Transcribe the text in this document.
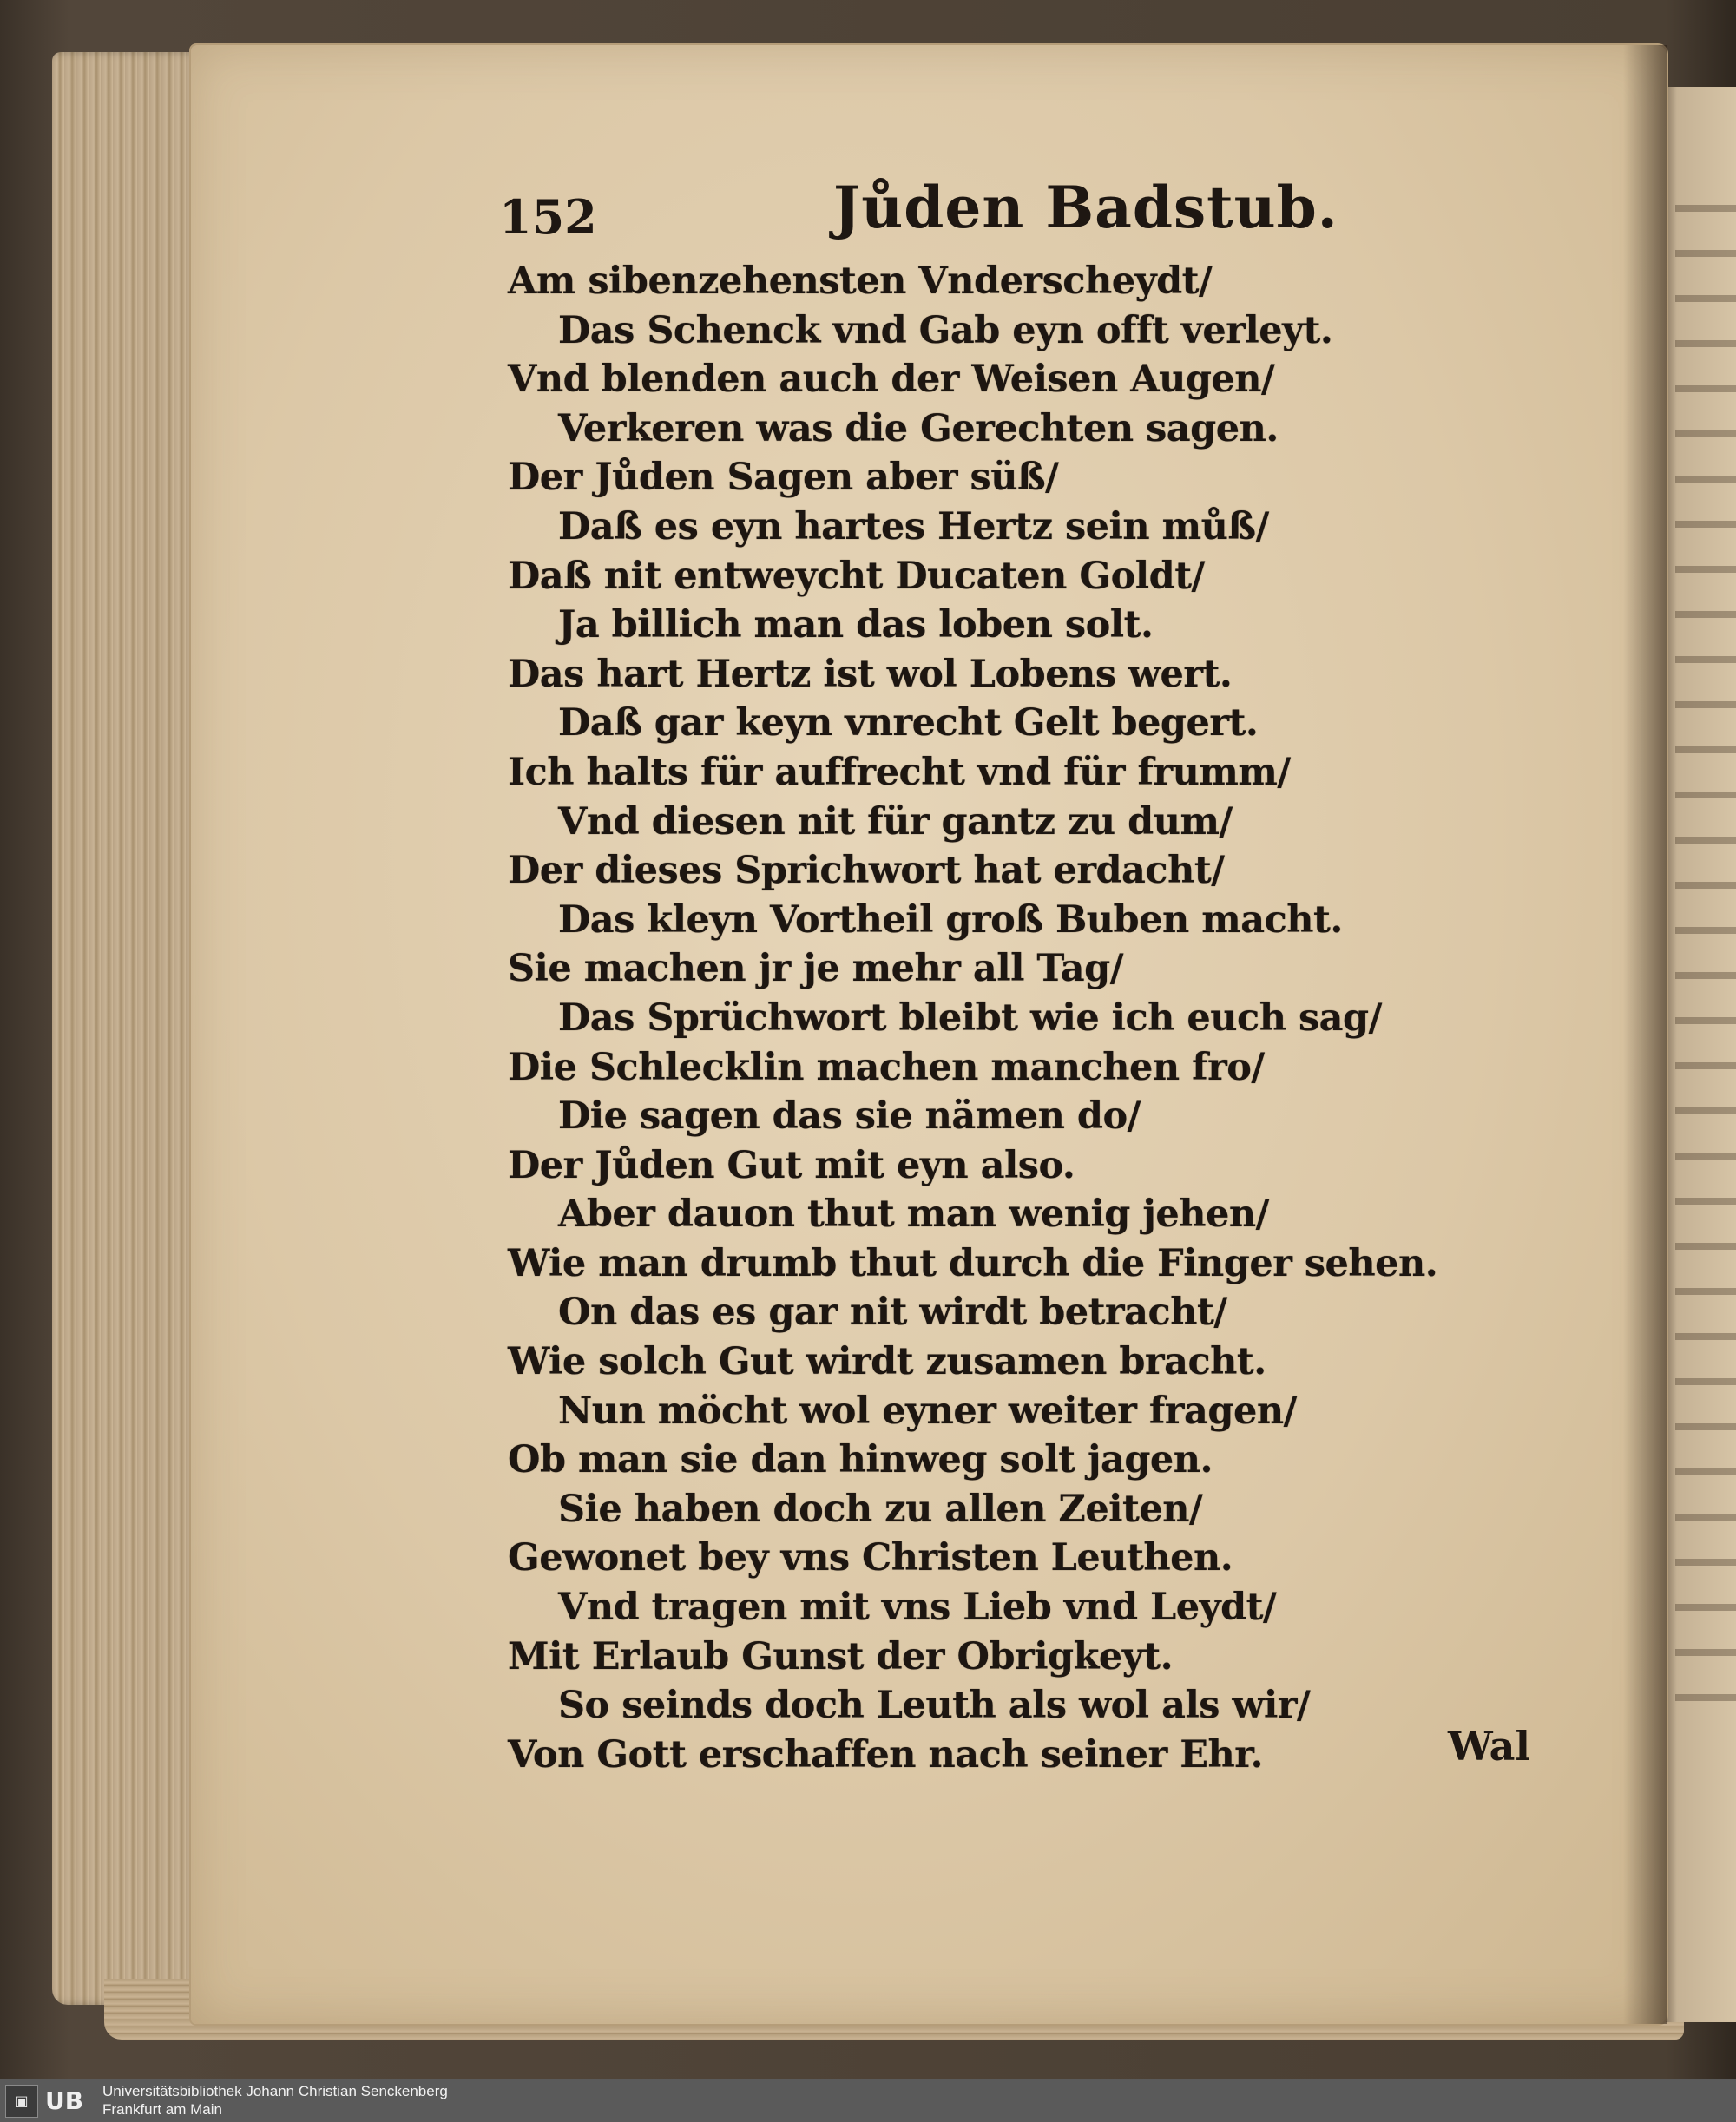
152	Jůden Badstub.
Am sibenzehensten Vnderscheydt/
Das Schenck vnd Gab eyn offt verleyt.
Vnd blenden auch der Weisen Augen/
Verkeren was die Gerechten sagen.
Der Jůden Sagen aber süß/
Daß es eyn hartes Hertz sein můß/
Daß nit entweycht Ducaten Goldt/
Ja billich man das loben solt.
Das hart Hertz ist wol Lobens wert.
Daß gar keyn vnrecht Gelt begert.
Ich halts für auffrecht vnd für frumm/
Vnd diesen nit für gantz zu dum/
Der dieses Sprichwort hat erdacht/
Das kleyn Vortheil groß Buben macht.
Sie machen jr je mehr all Tag/
Das Sprüchwort bleibt wie ich euch sag/
Die Schlecklin machen manchen fro/
Die sagen das sie nämen do/
Der Jůden Gut mit eyn also.
Aber dauon thut man wenig jehen/
Wie man drumb thut durch die Finger sehen.
On das es gar nit wirdt betracht/
Wie solch Gut wirdt zusamen bracht.
Nun möcht wol eyner weiter fragen/
Ob man sie dan hinweg solt jagen.
Sie haben doch zu allen Zeiten/
Gewonet bey vns Christen Leuthen.
Vnd tragen mit vns Lieb vnd Leydt/
Mit Erlaub Gunst der Obrigkeyt.
So seinds doch Leuth als wol als wir/
Von Gott erschaffen nach seiner Ehr.	Wal
▣ UB Universitätsbibliothek Johann Christian Senckenberg
Frankfurt am Main
